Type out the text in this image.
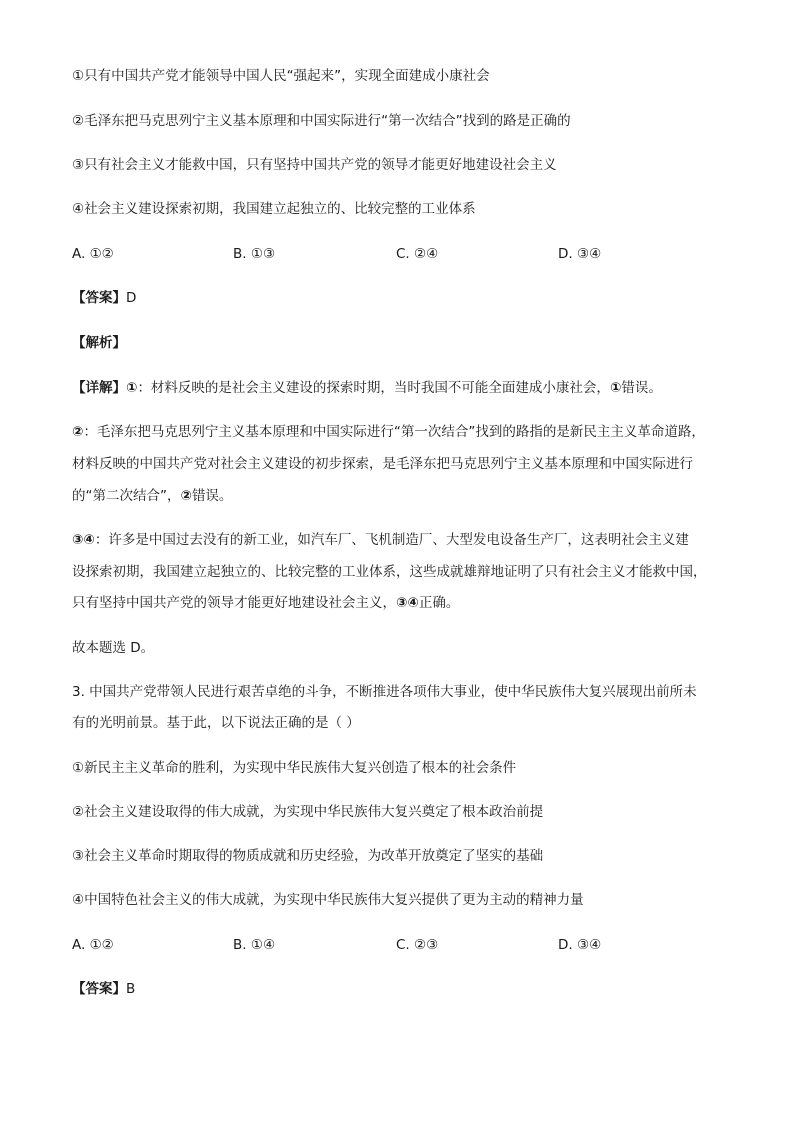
①只有中国共产党才能领导中国人民“强起来”，实现全面建成小康社会
②毛泽东把马克思列宁主义基本原理和中国实际进行“第一次结合”找到的路是正确的
③只有社会主义才能救中国，只有坚持中国共产党的领导才能更好地建设社会主义
④社会主义建设探索初期，我国建立起独立的、比较完整的工业体系
A. ①②	B. ①③	C. ②④	D. ③④
【答案】D
【解析】
【详解】①：材料反映的是社会主义建设的探索时期，当时我国不可能全面建成小康社会，①错误。
②：毛泽东把马克思列宁主义基本原理和中国实际进行“第一次结合”找到的路指的是新民主主义革命道路，
材料反映的中国共产党对社会主义建设的初步探索，是毛泽东把马克思列宁主义基本原理和中国实际进行
的“第二次结合”，②错误。
③④：许多是中国过去没有的新工业，如汽车厂、飞机制造厂、大型发电设备生产厂，这表明社会主义建
设探索初期，我国建立起独立的、比较完整的工业体系，这些成就雄辩地证明了只有社会主义才能救中国，
只有坚持中国共产党的领导才能更好地建设社会主义，③④正确。
故本题选 D。
3. 中国共产党带领人民进行艰苦卓绝的斗争，不断推进各项伟大事业，使中华民族伟大复兴展现出前所未
有的光明前景。基于此，以下说法正确的是（ ）
①新民主主义革命的胜利，为实现中华民族伟大复兴创造了根本的社会条件
②社会主义建设取得的伟大成就，为实现中华民族伟大复兴奠定了根本政治前提
③社会主义革命时期取得的物质成就和历史经验，为改革开放奠定了坚实的基础
④中国特色社会主义的伟大成就，为实现中华民族伟大复兴提供了更为主动的精神力量
A. ①②	B. ①④	C. ②③	D. ③④
【答案】B
